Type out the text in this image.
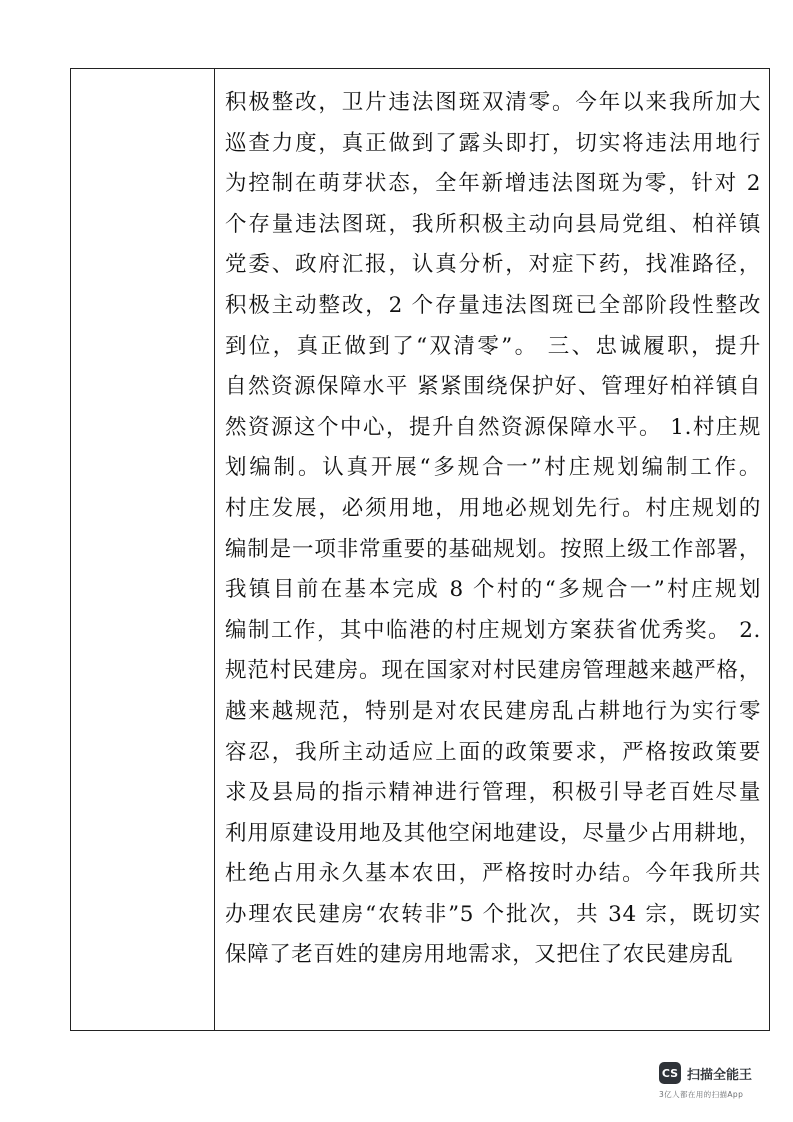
积极整改，卫片违法图斑双清零。今年以来我所加大
巡查力度，真正做到了露头即打，切实将违法用地行
为控制在萌芽状态，全年新增违法图斑为零，针对 2
个存量违法图斑，我所积极主动向县局党组、柏祥镇
党委、政府汇报，认真分析，对症下药，找准路径，
积极主动整改，2 个存量违法图斑已全部阶段性整改
到位，真正做到了“双清零”。 三、忠诚履职，提升
自然资源保障水平 紧紧围绕保护好、管理好柏祥镇自
然资源这个中心，提升自然资源保障水平。 1.村庄规
划编制。认真开展“多规合一”村庄规划编制工作。
村庄发展，必须用地，用地必规划先行。村庄规划的
编制是一项非常重要的基础规划。按照上级工作部署，
我镇目前在基本完成 8 个村的“多规合一”村庄规划
编制工作，其中临港的村庄规划方案获省优秀奖。 2.
规范村民建房。现在国家对村民建房管理越来越严格，
越来越规范，特别是对农民建房乱占耕地行为实行零
容忍，我所主动适应上面的政策要求，严格按政策要
求及县局的指示精神进行管理，积极引导老百姓尽量
利用原建设用地及其他空闲地建设，尽量少占用耕地，
杜绝占用永久基本农田，严格按时办结。今年我所共
办理农民建房“农转非”5 个批次，共 34 宗，既切实
保障了老百姓的建房用地需求，又把住了农民建房乱
CS 扫描全能王
3亿人都在用的扫描App
